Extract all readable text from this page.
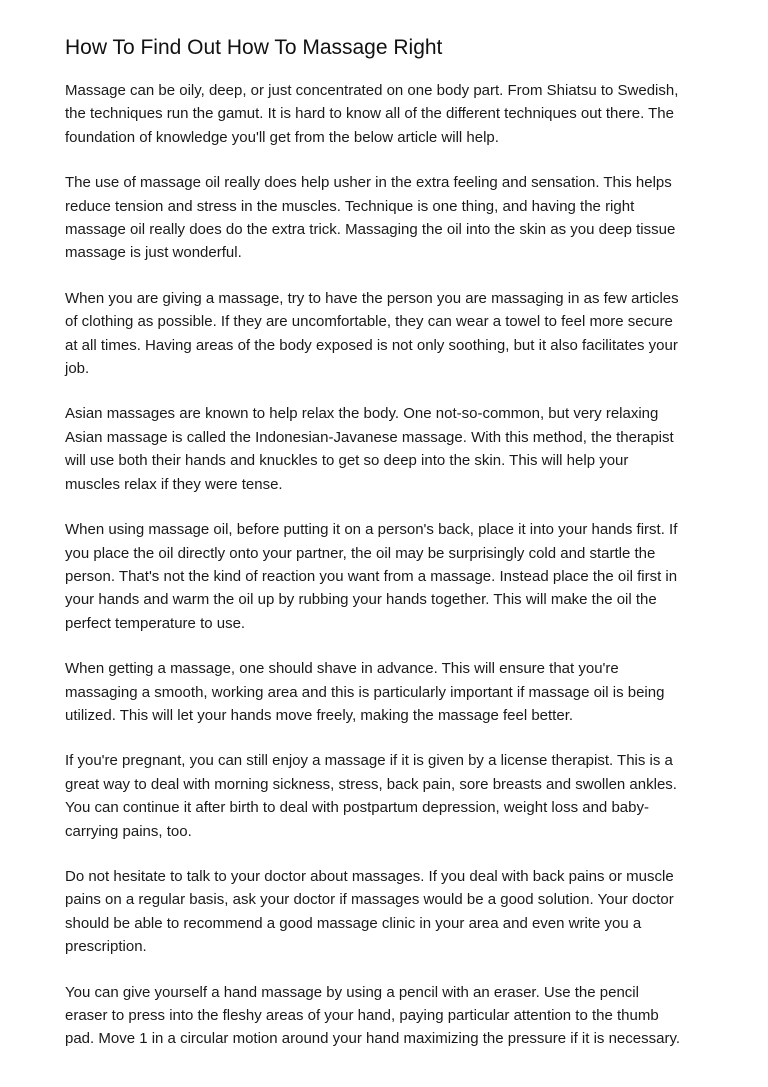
How To Find Out How To Massage Right

Massage can be oily, deep, or just concentrated on one body part. From Shiatsu to Swedish,
the techniques run the gamut. It is hard to know all of the different techniques out there. The
foundation of knowledge you'll get from the below article will help.

The use of massage oil really does help usher in the extra feeling and sensation. This helps
reduce tension and stress in the muscles. Technique is one thing, and having the right
massage oil really does do the extra trick. Massaging the oil into the skin as you deep tissue
massage is just wonderful.

When you are giving a massage, try to have the person you are massaging in as few articles
of clothing as possible. If they are uncomfortable, they can wear a towel to feel more secure
at all times. Having areas of the body exposed is not only soothing, but it also facilitates your
job.

Asian massages are known to help relax the body. One not-so-common, but very relaxing
Asian massage is called the Indonesian-Javanese massage. With this method, the therapist
will use both their hands and knuckles to get so deep into the skin. This will help your
muscles relax if they were tense.

When using massage oil, before putting it on a person's back, place it into your hands first. If
you place the oil directly onto your partner, the oil may be surprisingly cold and startle the
person. That's not the kind of reaction you want from a massage. Instead place the oil first in
your hands and warm the oil up by rubbing your hands together. This will make the oil the
perfect temperature to use.

When getting a massage, one should shave in advance. This will ensure that you're
massaging a smooth, working area and this is particularly important if massage oil is being
utilized. This will let your hands move freely, making the massage feel better.

If you're pregnant, you can still enjoy a massage if it is given by a license therapist. This is a
great way to deal with morning sickness, stress, back pain, sore breasts and swollen ankles.
You can continue it after birth to deal with postpartum depression, weight loss and baby-
carrying pains, too.

Do not hesitate to talk to your doctor about massages. If you deal with back pains or muscle
pains on a regular basis, ask your doctor if massages would be a good solution. Your doctor
should be able to recommend a good massage clinic in your area and even write you a
prescription.

You can give yourself a hand massage by using a pencil with an eraser. Use the pencil
eraser to press into the fleshy areas of your hand, paying particular attention to the thumb
pad. Move 1 in a circular motion around your hand maximizing the pressure if it is necessary.
